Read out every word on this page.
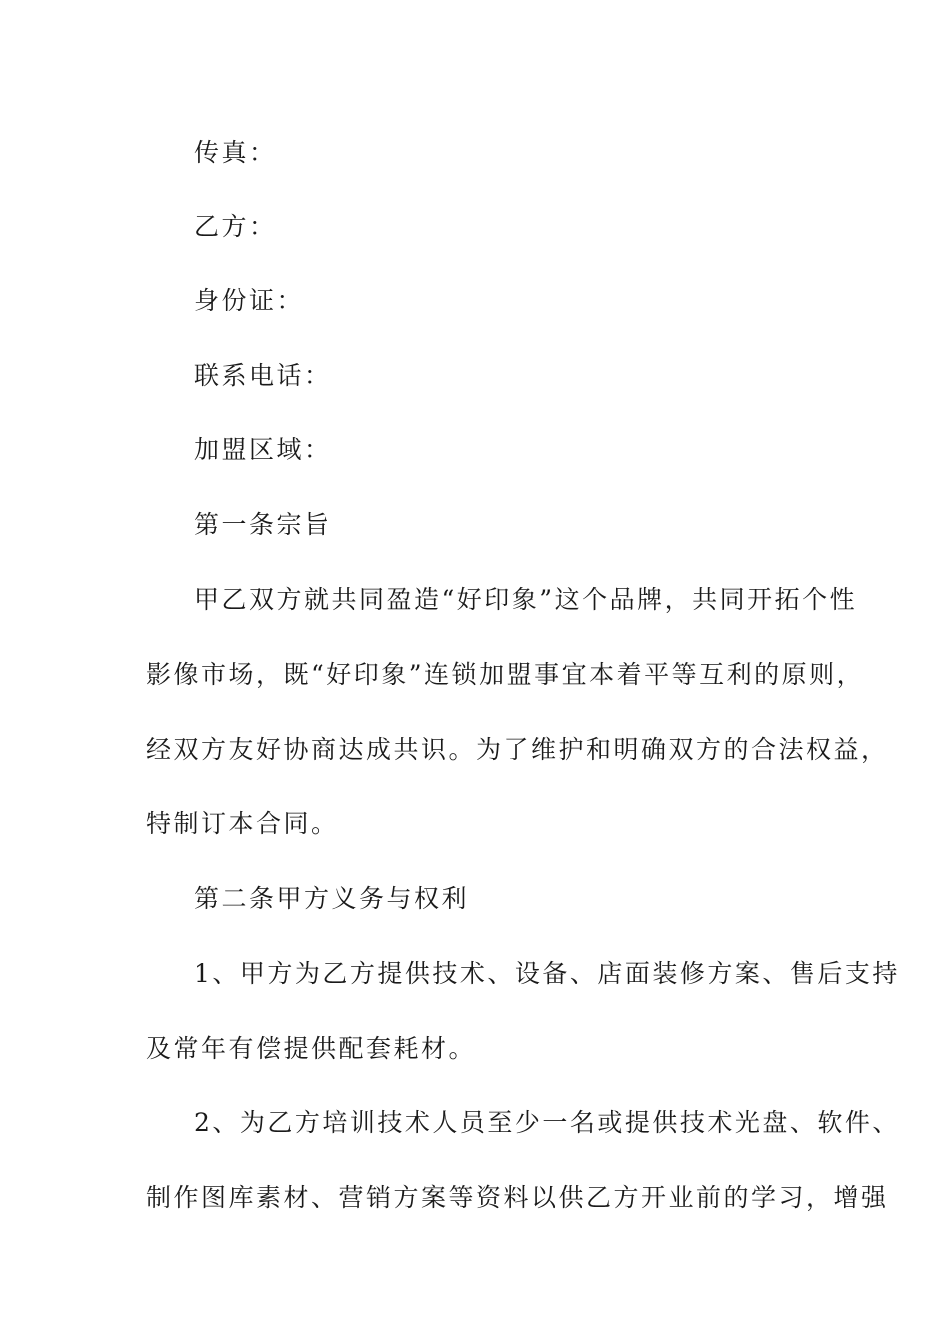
传真：
乙方：
身份证：
联系电话：
加盟区域：
第一条宗旨
甲乙双方就共同盈造“好印象”这个品牌，共同开拓个性
影像市场，既“好印象”连锁加盟事宜本着平等互利的原则，
经双方友好协商达成共识。为了维护和明确双方的合法权益，
特制订本合同。
第二条甲方义务与权利
1、甲方为乙方提供技术、设备、店面装修方案、售后支持
及常年有偿提供配套耗材。
2、为乙方培训技术人员至少一名或提供技术光盘、软件、
制作图库素材、营销方案等资料以供乙方开业前的学习，增强
